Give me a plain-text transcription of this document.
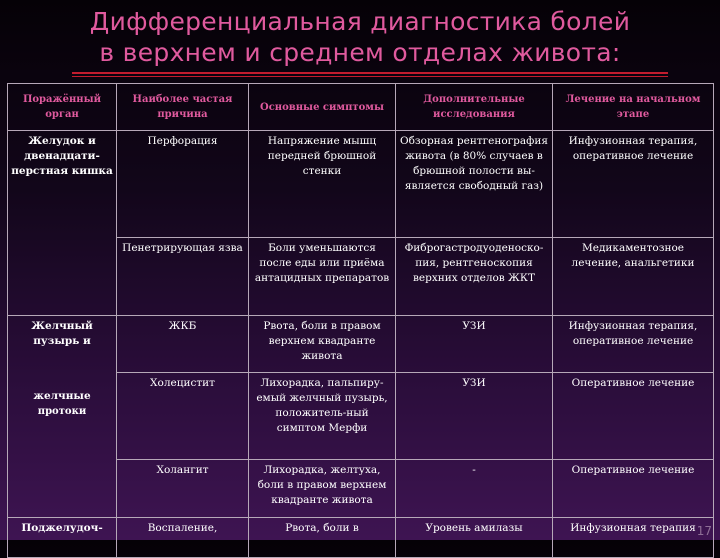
Дифференциальная диагностика болей
в верхнем и среднем отделах живота:
Поражённый орган	Наиболее частая причина	Основные симптомы	Дополнительные исследования	Лечение на начальном этапе
Желудок и двенадцати-перстная кишка	Перфорация	Напряжение мышц передней брюшной стенки	Обзорная рентгенография живота (в 80% случаев в брюшной полости вы-является свободный газ)	Инфузионная терапия, оперативное лечение
	Пенетрирующая язва	Боли уменьшаются после еды или приёма антацидных препаратов	Фиброгастродуоденоско-пия, рентгеноскопия верхних отделов ЖКТ	Медикаментозное лечение, анальгетики

Желчный пузырь и
желчные
протоки	ЖКБ	Рвота, боли в правом верхнем квадранте живота	УЗИ	Инфузионная терапия, оперативное лечение
	Холецистит	Лихорадка, пальпиру-емый желчный пузырь, положитель-ный симптом Мерфи	УЗИ	Оперативное лечение
	Холангит	Лихорадка, желтуха, боли в правом верхнем квадранте живота	-	Оперативное лечение
Поджелудоч-	Воспаление,	Рвота, боли в	Уровень амилазы	Инфузионная терапия 17
